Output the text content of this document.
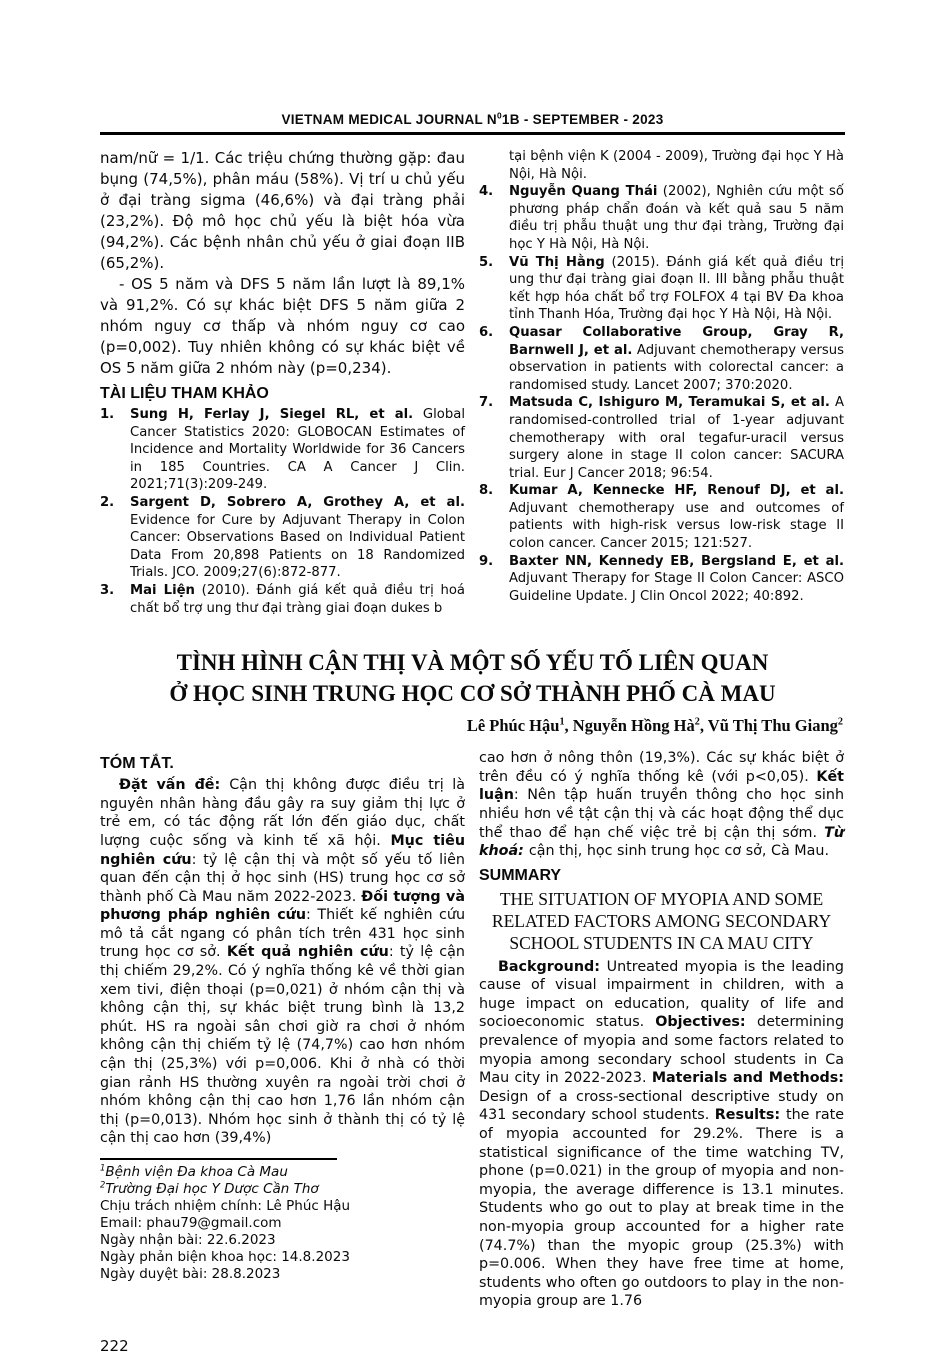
VIETNAM MEDICAL JOURNAL $N^01B$ - SEPTEMBER - 2023

nam/nữ = 1/1. Các triệu chứng thường gặp: đau bụng (74,5%), phân máu (58%). Vị trí u chủ yếu ở đại tràng sigma (46,6%) và đại tràng phải (23,2%). Độ mô học chủ yếu là biệt hóa vừa (94,2%). Các bệnh nhân chủ yếu ở giai đoạn IIB (65,2%).

- OS 5 năm và DFS 5 năm lần lượt là 89,1% và 91,2%. Có sự khác biệt DFS 5 năm giữa 2 nhóm nguy cơ thấp và nhóm nguy cơ cao (p=0,002). Tuy nhiên không có sự khác biệt về OS 5 năm giữa 2 nhóm này (p=0,234).

TÀI LIỆU THAM KHẢO
1. Sung H, Ferlay J, Siegel RL, et al. Global Cancer Statistics 2020: GLOBOCAN Estimates of Incidence and Mortality Worldwide for 36 Cancers in 185 Countries. CA A Cancer J Clin. 2021;71(3):209-249.
2. Sargent D, Sobrero A, Grothey A, et al. Evidence for Cure by Adjuvant Therapy in Colon Cancer: Observations Based on Individual Patient Data From 20,898 Patients on 18 Randomized Trials. JCO. 2009;27(6):872-877.
3. Mai Liện (2010). Đánh giá kết quả điều trị hoá chất bổ trợ ung thư đại tràng giai đoạn dukes b
tại bệnh viện K (2004 - 2009), Trường đại học Y Hà Nội, Hà Nội.
4. Nguyễn Quang Thái (2002), Nghiên cứu một số phương pháp chẩn đoán và kết quả sau 5 năm điều trị phẫu thuật ung thư đại tràng, Trường đại học Y Hà Nội, Hà Nội.
5. Vũ Thị Hằng (2015). Đánh giá kết quả điều trị ung thư đại tràng giai đoạn II. III bằng phẫu thuật kết hợp hóa chất bổ trợ FOLFOX 4 tại BV Đa khoa tỉnh Thanh Hóa, Trường đại học Y Hà Nội, Hà Nội.
6. Quasar Collaborative Group, Gray R, Barnwell J, et al. Adjuvant chemotherapy versus observation in patients with colorectal cancer: a randomised study. Lancet 2007; 370:2020.
7. Matsuda C, Ishiguro M, Teramukai S, et al. A randomised-controlled trial of 1-year adjuvant chemotherapy with oral tegafur-uracil versus surgery alone in stage II colon cancer: SACURA trial. Eur J Cancer 2018; 96:54.
8. Kumar A, Kennecke HF, Renouf DJ, et al. Adjuvant chemotherapy use and outcomes of patients with high-risk versus low-risk stage II colon cancer. Cancer 2015; 121:527.
9. Baxter NN, Kennedy EB, Bergsland E, et al. Adjuvant Therapy for Stage II Colon Cancer: ASCO Guideline Update. J Clin Oncol 2022; 40:892.
TÌNH HÌNH CẬN THỊ VÀ MỘT SỐ YẾU TỐ LIÊN QUAN
Ở HỌC SINH TRUNG HỌC CƠ SỞ THÀNH PHỐ CÀ MAU
Lê Phúc Hậu$^1$, Nguyễn Hồng $Hà^2$, Vũ Thị Thu Giang$^2$
TÓM TẮT.

Đặt vấn đề: Cận thị không được điều trị là nguyên nhân hàng đầu gây ra suy giảm thị lực ở trẻ em, có tác động rất lớn đến giáo dục, chất lượng cuộc sống và kinh tế xã hội. Mục tiêu nghiên cứu: tỷ lệ cận thị và một số yếu tố liên quan đến cận thị ở học sinh (HS) trung học cơ sở thành phố Cà Mau năm 2022-2023. Đối tượng và phương pháp nghiên cứu: Thiết kế nghiên cứu mô tả cắt ngang có phân tích trên 431 học sinh trung học cơ sở. Kết quả nghiên cứu: tỷ lệ cận thị chiếm 29,2%. Có ý nghĩa thống kê về thời gian xem tivi, điện thoại (p=0,021) ở nhóm cận thị và không cận thị, sự khác biệt trung bình là 13,2 phút. HS ra ngoài sân chơi giờ ra chơi ở nhóm không cận thị chiếm tỷ lệ (74,7%) cao hơn nhóm cận thị (25,3%) với p=0,006. Khi ở nhà có thời gian rảnh HS thường xuyên ra ngoài trời chơi ở nhóm không cận thị cao hơn 1,76 lần nhóm cận thị (p=0,013). Nhóm học sinh ở thành thị có tỷ lệ cận thị cao hơn (39,4%)

$^1$Bệnh viện Đa khoa Cà Mau
$^2$Trường Đại học Y Dược Cần Thơ
Chịu trách nhiệm chính: Lê Phúc Hậu
Email: phau79@gmail.com
Ngày nhận bài: 22.6.2023
Ngày phản biện khoa học: 14.8.2023
Ngày duyệt bài: 28.8.2023

cao hơn ở nông thôn (19,3%). Các sự khác biệt ở trên đều có ý nghĩa thống kê (với p<0,05). Kết luận: Nên tập huấn truyền thông cho học sinh nhiều hơn về tật cận thị và các hoạt động thể dục thể thao để hạn chế việc trẻ bị cận thị sớm. Từ khoá: cận thị, học sinh trung học cơ sở, Cà Mau.

SUMMARY
THE SITUATION OF MYOPIA AND SOME RELATED FACTORS AMONG SECONDARY SCHOOL STUDENTS IN CA MAU CITY

Background: Untreated myopia is the leading cause of visual impairment in children, with a huge impact on education, quality of life and socioeconomic status. Objectives: determining prevalence of myopia and some factors related to myopia among secondary school students in Ca Mau city in 2022-2023. Materials and Methods: Design of a cross-sectional descriptive study on 431 secondary school students. Results: the rate of myopia accounted for 29.2%. There is a statistical significance of the time watching TV, phone (p=0.021) in the group of myopia and non-myopia, the average difference is 13.1 minutes. Students who go out to play at break time in the non-myopia group accounted for a higher rate (74.7%) than the myopic group (25.3%) with p=0.006. When they have free time at home, students who often go outdoors to play in the non-myopia group are 1.76

222
